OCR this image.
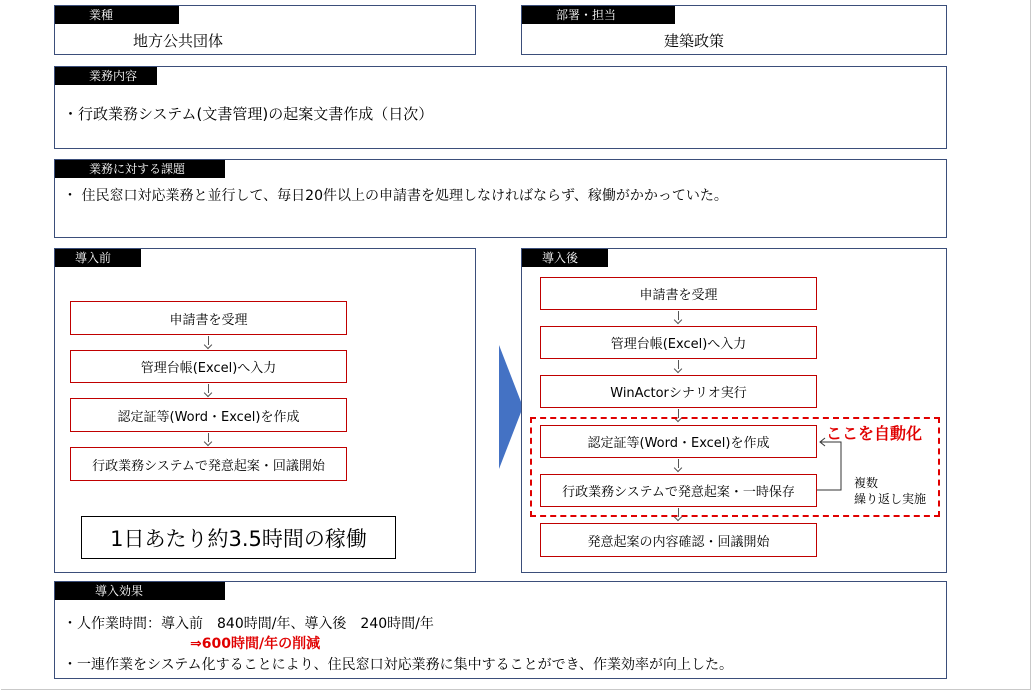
業種
地方公共団体
部署・担当
建築政策
業務内容
・行政業務システム(文書管理)の起案文書作成（日次）
業務に対する課題
・ 住民窓口対応業務と並行して、毎日20件以上の申請書を処理しなければならず、稼働がかかっていた。
導入前
申請書を受理
管理台帳(Excel)へ入力
認定証等(Word・Excel)を作成
行政業務システムで発意起案・回議開始
1日あたり約3.5時間の稼働
導入後
申請書を受理
管理台帳(Excel)へ入力
WinActorシナリオ実行
ここを自動化
認定証等(Word・Excel)を作成
行政業務システムで発意起案・一時保存
複数
繰り返し実施
発意起案の内容確認・回議開始
導入効果
・人作業時間：導入前　840時間/年、導入後　240時間/年
⇒600時間/年の削減
・一連作業をシステム化することにより、住民窓口対応業務に集中することができ、作業効率が向上した。
